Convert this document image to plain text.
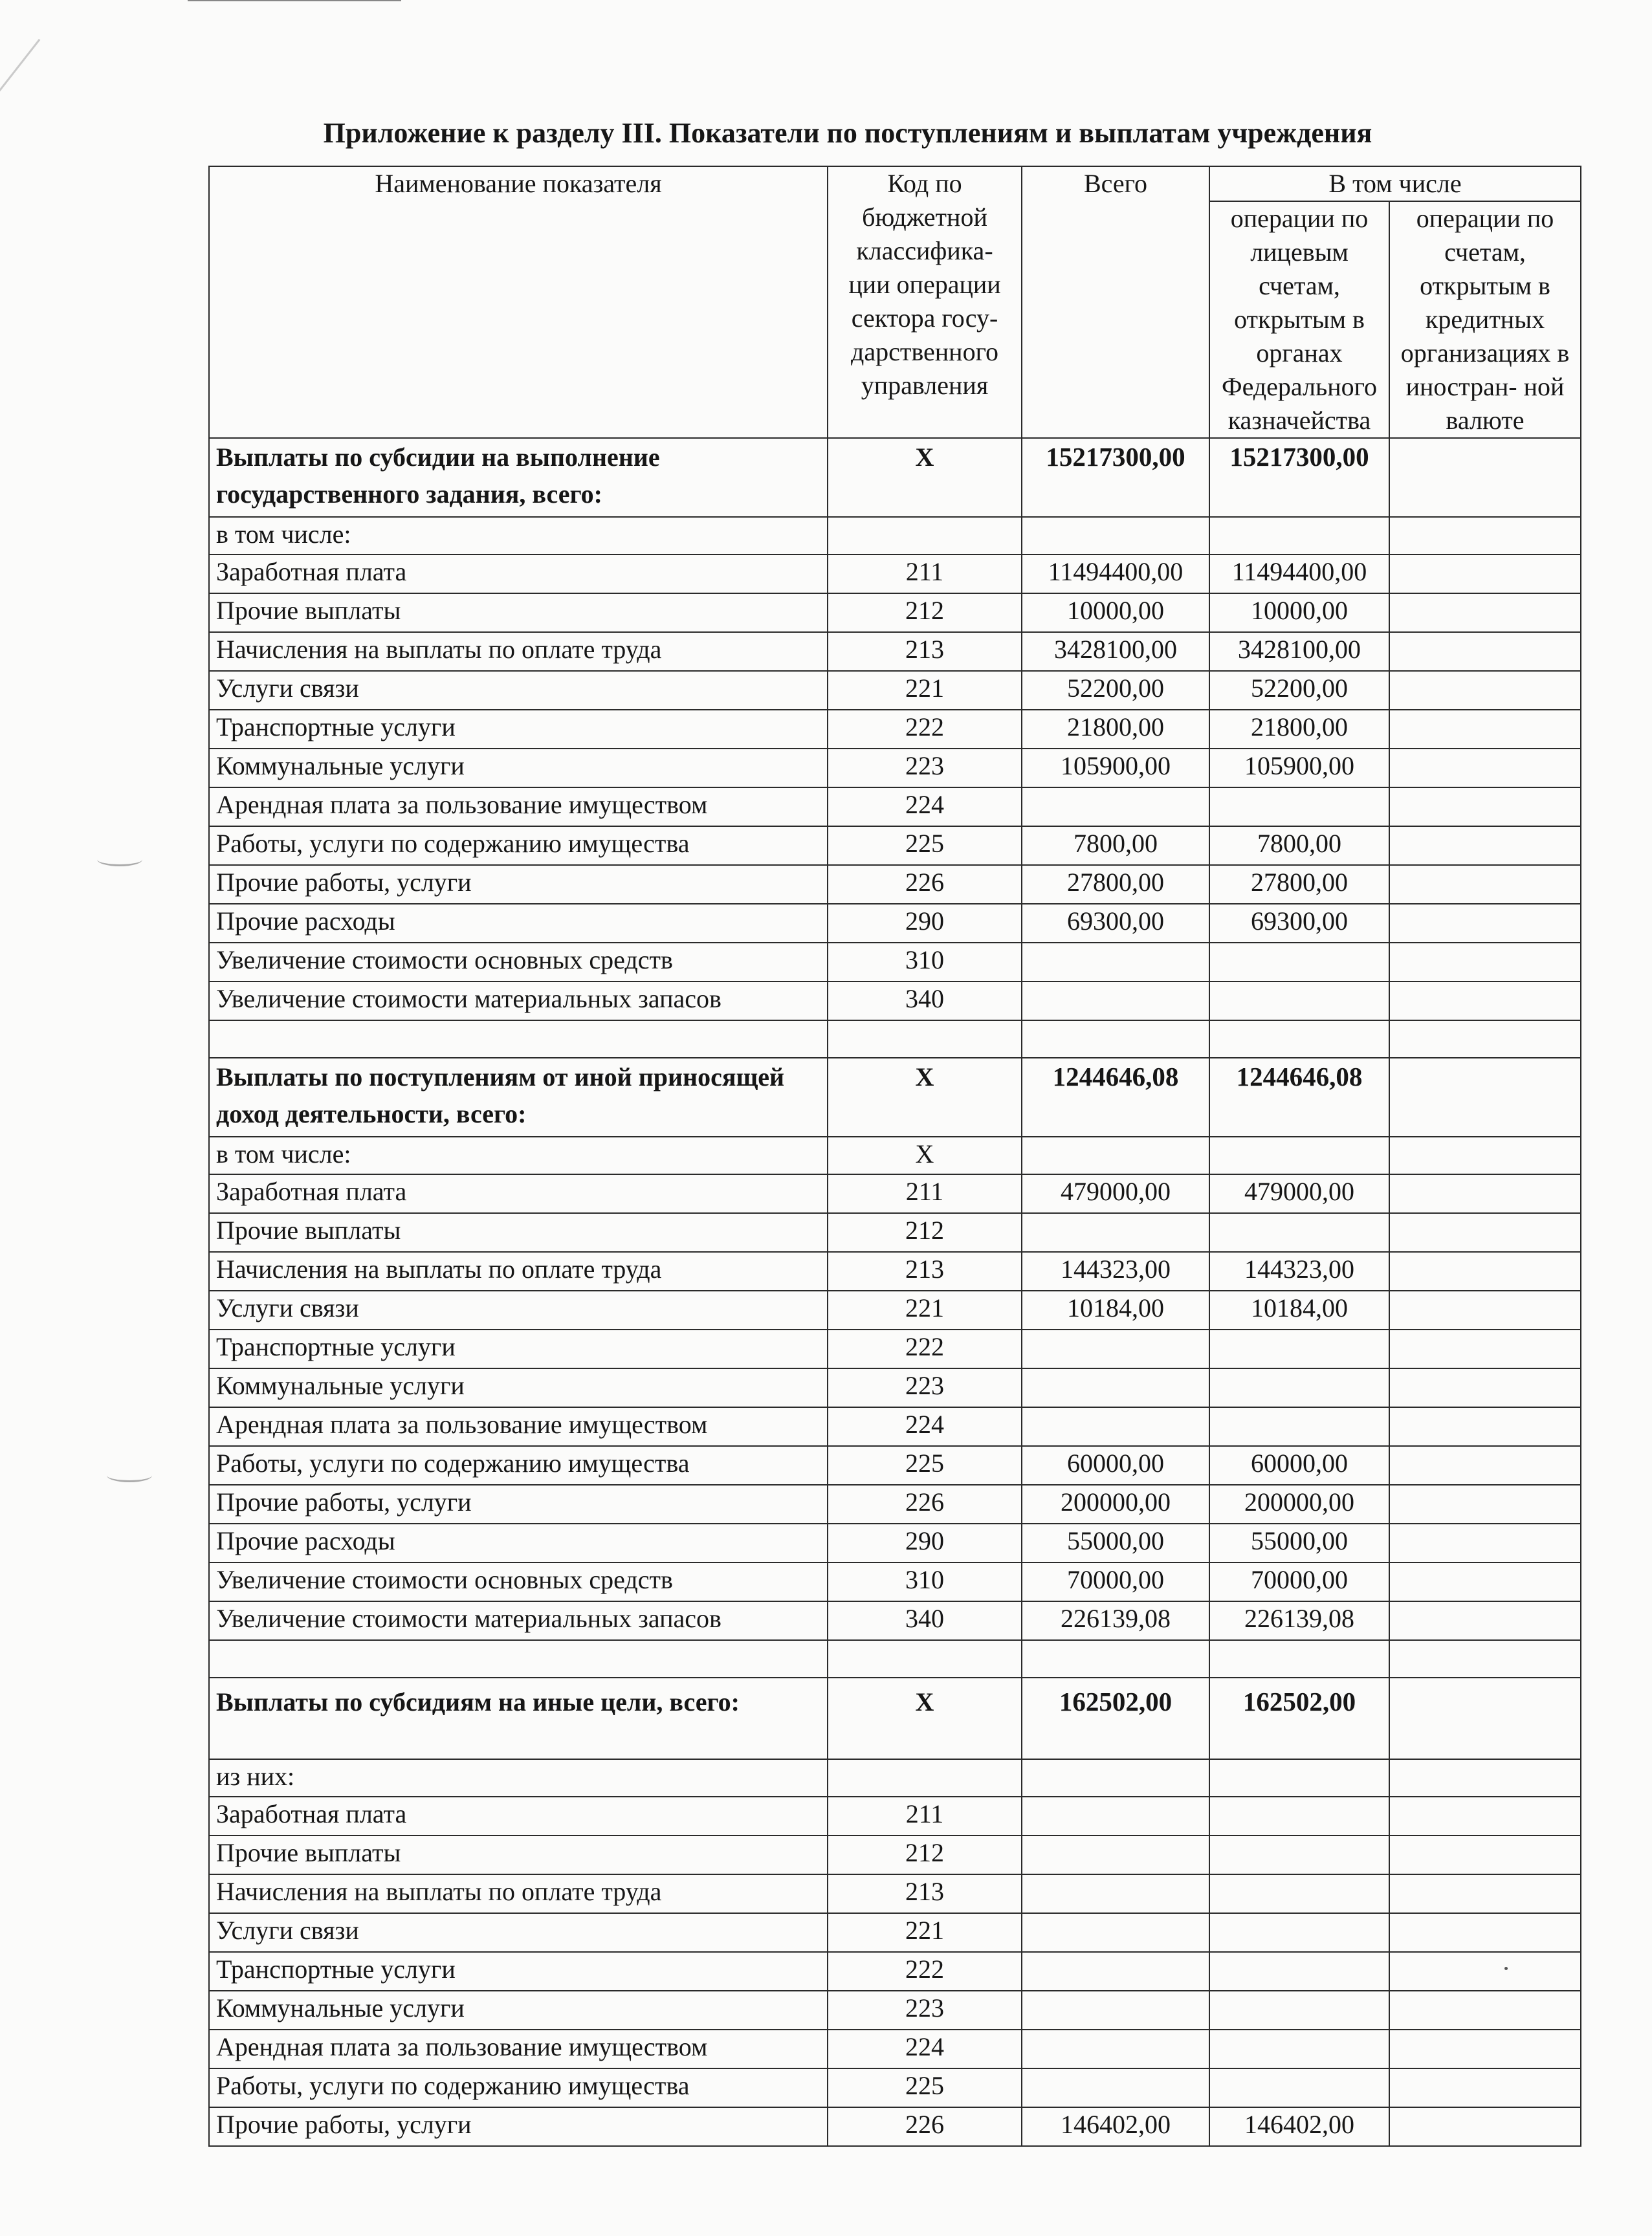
Приложение к разделу III. Показатели по поступлениям и выплатам учреждения
Наименование показателя	Код по бюджетной классифика- ции операции сектора госу- дарственного управления	Всего	В том числе	
			операции по лицевым счетам, открытым в органах Федерального казначейства	операции по счетам, открытым в кредитных организациях в иностран- ной валюте
Выплаты по субсидии на выполнение государственного задания, всего:	Х	15217300,00	15217300,00	
в том числе:				
Заработная плата	211	11494400,00	11494400,00	
Прочие выплаты	212	10000,00	10000,00	
Начисления на выплаты по оплате труда	213	3428100,00	3428100,00	
Услуги связи	221	52200,00	52200,00	
Транспортные услуги	222	21800,00	21800,00	
Коммунальные услуги	223	105900,00	105900,00	
Арендная плата за пользование имуществом	224			
Работы, услуги по содержанию имущества	225	7800,00	7800,00	
Прочие работы, услуги	226	27800,00	27800,00	
Прочие расходы	290	69300,00	69300,00	
Увеличение стоимости основных средств	310			
Увеличение стоимости материальных запасов	340			

Выплаты по поступлениям от иной приносящей доход деятельности, всего:	Х	1244646,08	1244646,08	
в том числе:	Х			
Заработная плата	211	479000,00	479000,00	
Прочие выплаты	212			
Начисления на выплаты по оплате труда	213	144323,00	144323,00	
Услуги связи	221	10184,00	10184,00	
Транспортные услуги	222			
Коммунальные услуги	223			
Арендная плата за пользование имуществом	224			
Работы, услуги по содержанию имущества	225	60000,00	60000,00	
Прочие работы, услуги	226	200000,00	200000,00	
Прочие расходы	290	55000,00	55000,00	
Увеличение стоимости основных средств	310	70000,00	70000,00	
Увеличение стоимости материальных запасов	340	226139,08	226139,08	

Выплаты по субсидиям на иные цели, всего:	Х	162502,00	162502,00	
из них:				
Заработная плата	211			
Прочие выплаты	212			
Начисления на выплаты по оплате труда	213			
Услуги связи	221			
Транспортные услуги	222			
Коммунальные услуги	223			
Арендная плата за пользование имуществом	224			
Работы, услуги по содержанию имущества	225			
Прочие работы, услуги	226	146402,00	146402,00	
